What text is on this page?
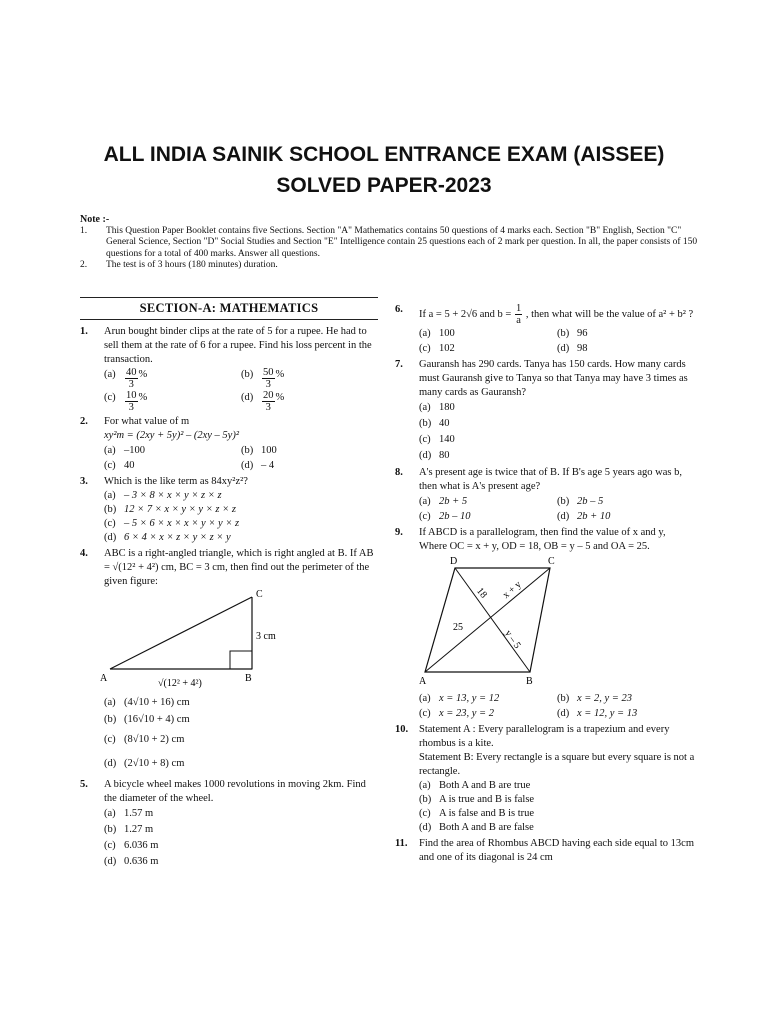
ALL INDIA SAINIK SCHOOL ENTRANCE EXAM (AISSEE)
SOLVED PAPER-2023
Note :-
1.	This Question Paper Booklet contains five Sections. Section "A" Mathematics contains 50 questions of 4 marks each. Section "B" English, Section "C" General Science, Section "D" Social Studies and Section "E" Intelligence contain 25 questions each of 2 mark per question. In all, the paper consists of 150 questions for a total of 400 marks. Answer all questions.
2.	The test is of 3 hours (180 minutes) duration.
SECTION-A: MATHEMATICS
1.	Arun bought binder clips at the rate of 5 for a rupee. He had to sell them at the rate of 6 for a rupee. Find his loss percent in the transaction.
$(a) \frac{40}{3}$ %	$(b) \frac{50}{3}$ %
$(c) \frac{10}{3}$ %	$(d) \frac{20}{3}$ %
2.	For what value of m
xy²m = (2xy + 5y)² – (2xy – 5y)²
(a) –100	(b) 100
(c) 40	(d) – 4
3.	Which is the like term as 84xy²z²?
(a) – 3 × 8 × x × y × z × z
(b) 12 × 7 × x × y × y × z × z
(c) – 5 × 6 × x × x × y × y × z
(d) 6 × 4 × x × z × y × z × y
4.	ABC is a right-angled triangle, which is right angled at B. If AB = √(12² + 4²) cm, BC = 3 cm, then find out the perimeter of the given figure:
A	B
C
3 cm
√(12² + 4²)
(a) (4√10 + 16) cm
(b) (16√10 + 4) cm
(c) (8√10 + 2) cm
(d) (2√10 + 8) cm
5.	A bicycle wheel makes 1000 revolutions in moving 2km. Find the diameter of the wheel.
(a) 1.57 m
(b) 1.27 m
(c) 6.036 m
(d) 0.636 m
6.	If a = 5 + 2√6 and $b = \frac{1}{a}$ , then what will be the value of a² + b² ?
(a) 100	(b) 96
(c) 102	(d) 98
7.	Gauransh has 290 cards. Tanya has 150 cards. How many cards must Gauransh give to Tanya so that Tanya may have 3 times as many cards as Gauransh?
(a) 180
(b) 40
(c) 140
(d) 80
8.	A's present age is twice that of B. If B's age 5 years ago was b, then what is A's present age?
(a) 2b + 5	(b) 2b – 5
(c) 2b – 10	(d) 2b + 10
9.	If ABCD is a parallelogram, then find the value of x and y, Where OC = x + y, OD = 18, OB = y – 5 and OA = 25.
D	C
A	B
18 x + y
25
y – 5
(a) x = 13, y = 12	(b) x = 2, y = 23
(c) x = 23, y = 2	(d) x = 12, y = 13
10.	Statement A : Every parallelogram is a trapezium and every rhombus is a kite.
Statement B: Every rectangle is a square but every square is not a rectangle.
(a) Both A and B are true
(b) A is true and B is false
(c) A is false and B is true
(d) Both A and B are false
11.	Find the area of Rhombus ABCD having each side equal to 13cm and one of its diagonal is 24 cm
